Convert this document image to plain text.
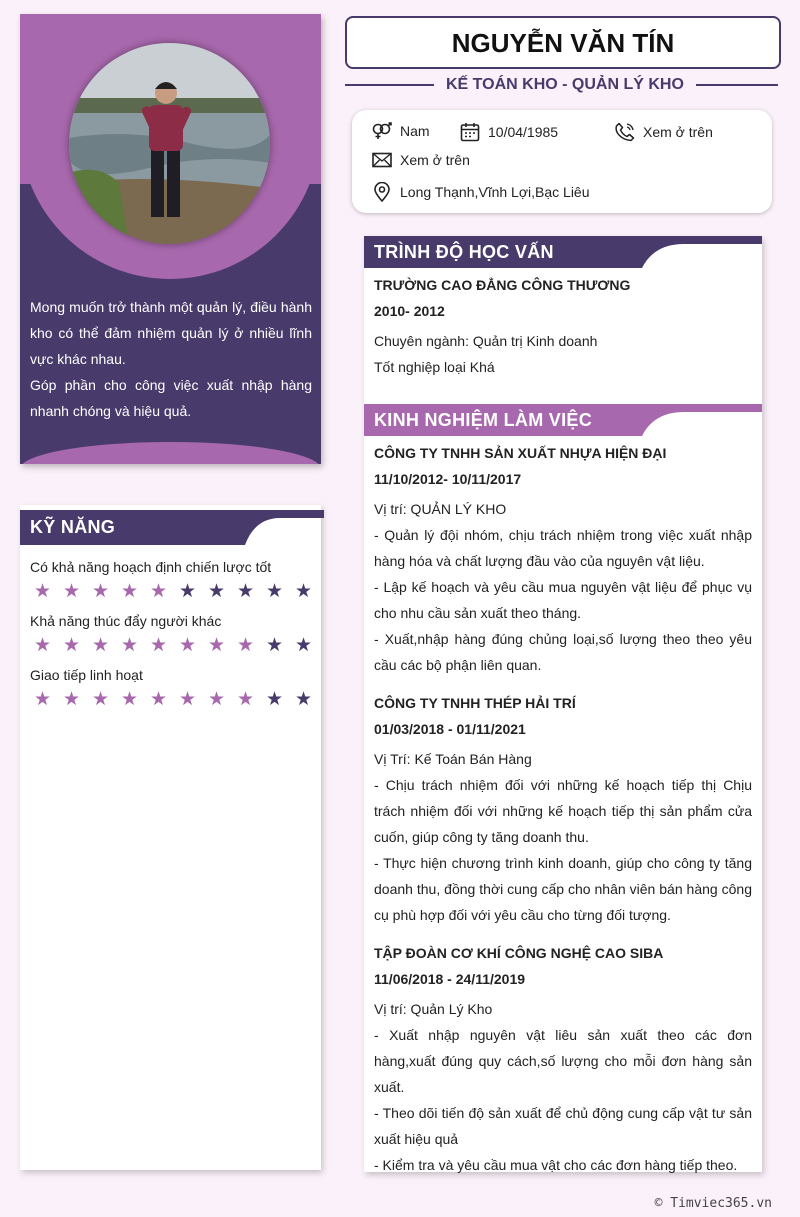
Mong muốn trở thành một quản lý, điều hành kho có thể đảm nhiệm quản lý ở nhiều lĩnh vực khác nhau.

Góp phần cho công việc xuất nhập hàng nhanh chóng và hiệu quả.

KỸ NĂNG

Có khả năng hoạch định chiến lược tốt

★ ★ ★ ★ ★ ★ ★ ★ ★ ★

Khả năng thúc đẩy người khác

★ ★ ★ ★ ★ ★ ★ ★ ★ ★

Giao tiếp linh hoạt

★ ★ ★ ★ ★ ★ ★ ★ ★ ★
NGUYỄN VĂN TÍN
KẾ TOÁN KHO - QUẢN LÝ KHO
Nam	10/04/1985	Xem ở trên
Xem ở trên
Long Thạnh,Vĩnh Lợi,Bạc Liêu
TRÌNH ĐỘ HỌC VẤN

TRƯỜNG CAO ĐẲNG CÔNG THƯƠNG

2010- 2012

Chuyên ngành: Quản trị Kinh doanh

Tốt nghiệp loại Khá

KINH NGHIỆM LÀM VIỆC

CÔNG TY TNHH SẢN XUẤT NHỰA HIỆN ĐẠI

11/10/2012- 10/11/2017

Vị trí: QUẢN LÝ KHO

- Quản lý đội nhóm, chịu trách nhiệm trong việc xuất nhập hàng hóa và chất lượng đầu vào của nguyên vật liệu.

- Lập kế hoạch và yêu cầu mua nguyên vật liệu để phục vụ cho nhu cầu sản xuất theo tháng.

- Xuất,nhập hàng đúng chủng loại,số lượng theo theo yêu cầu các bộ phận liên quan.

CÔNG TY TNHH THÉP HẢI TRÍ

01/03/2018 - 01/11/2021

Vị Trí: Kế Toán Bán Hàng

- Chịu trách nhiệm đối với những kế hoạch tiếp thị Chịu trách nhiệm đối với những kế hoạch tiếp thị sản phẩm cửa cuốn, giúp công ty tăng doanh thu.

- Thực hiện chương trình kinh doanh, giúp cho công ty tăng doanh thu, đồng thời cung cấp cho nhân viên bán hàng công cụ phù hợp đối với yêu cầu cho từng đối tượng.

TẬP ĐOÀN CƠ KHÍ CÔNG NGHỆ CAO SIBA

11/06/2018 - 24/11/2019

Vị trí: Quản Lý Kho

- Xuất nhập nguyên vật liêu sản xuất theo các đơn hàng,xuất đúng quy cách,số lượng cho mỗi đơn hàng sản xuất.

- Theo dõi tiến độ sản xuất để chủ động cung cấp vật tư sản xuất hiệu quả

- Kiểm tra và yêu cầu mua vật cho các đơn hàng tiếp theo.

© Timviec365.vn
